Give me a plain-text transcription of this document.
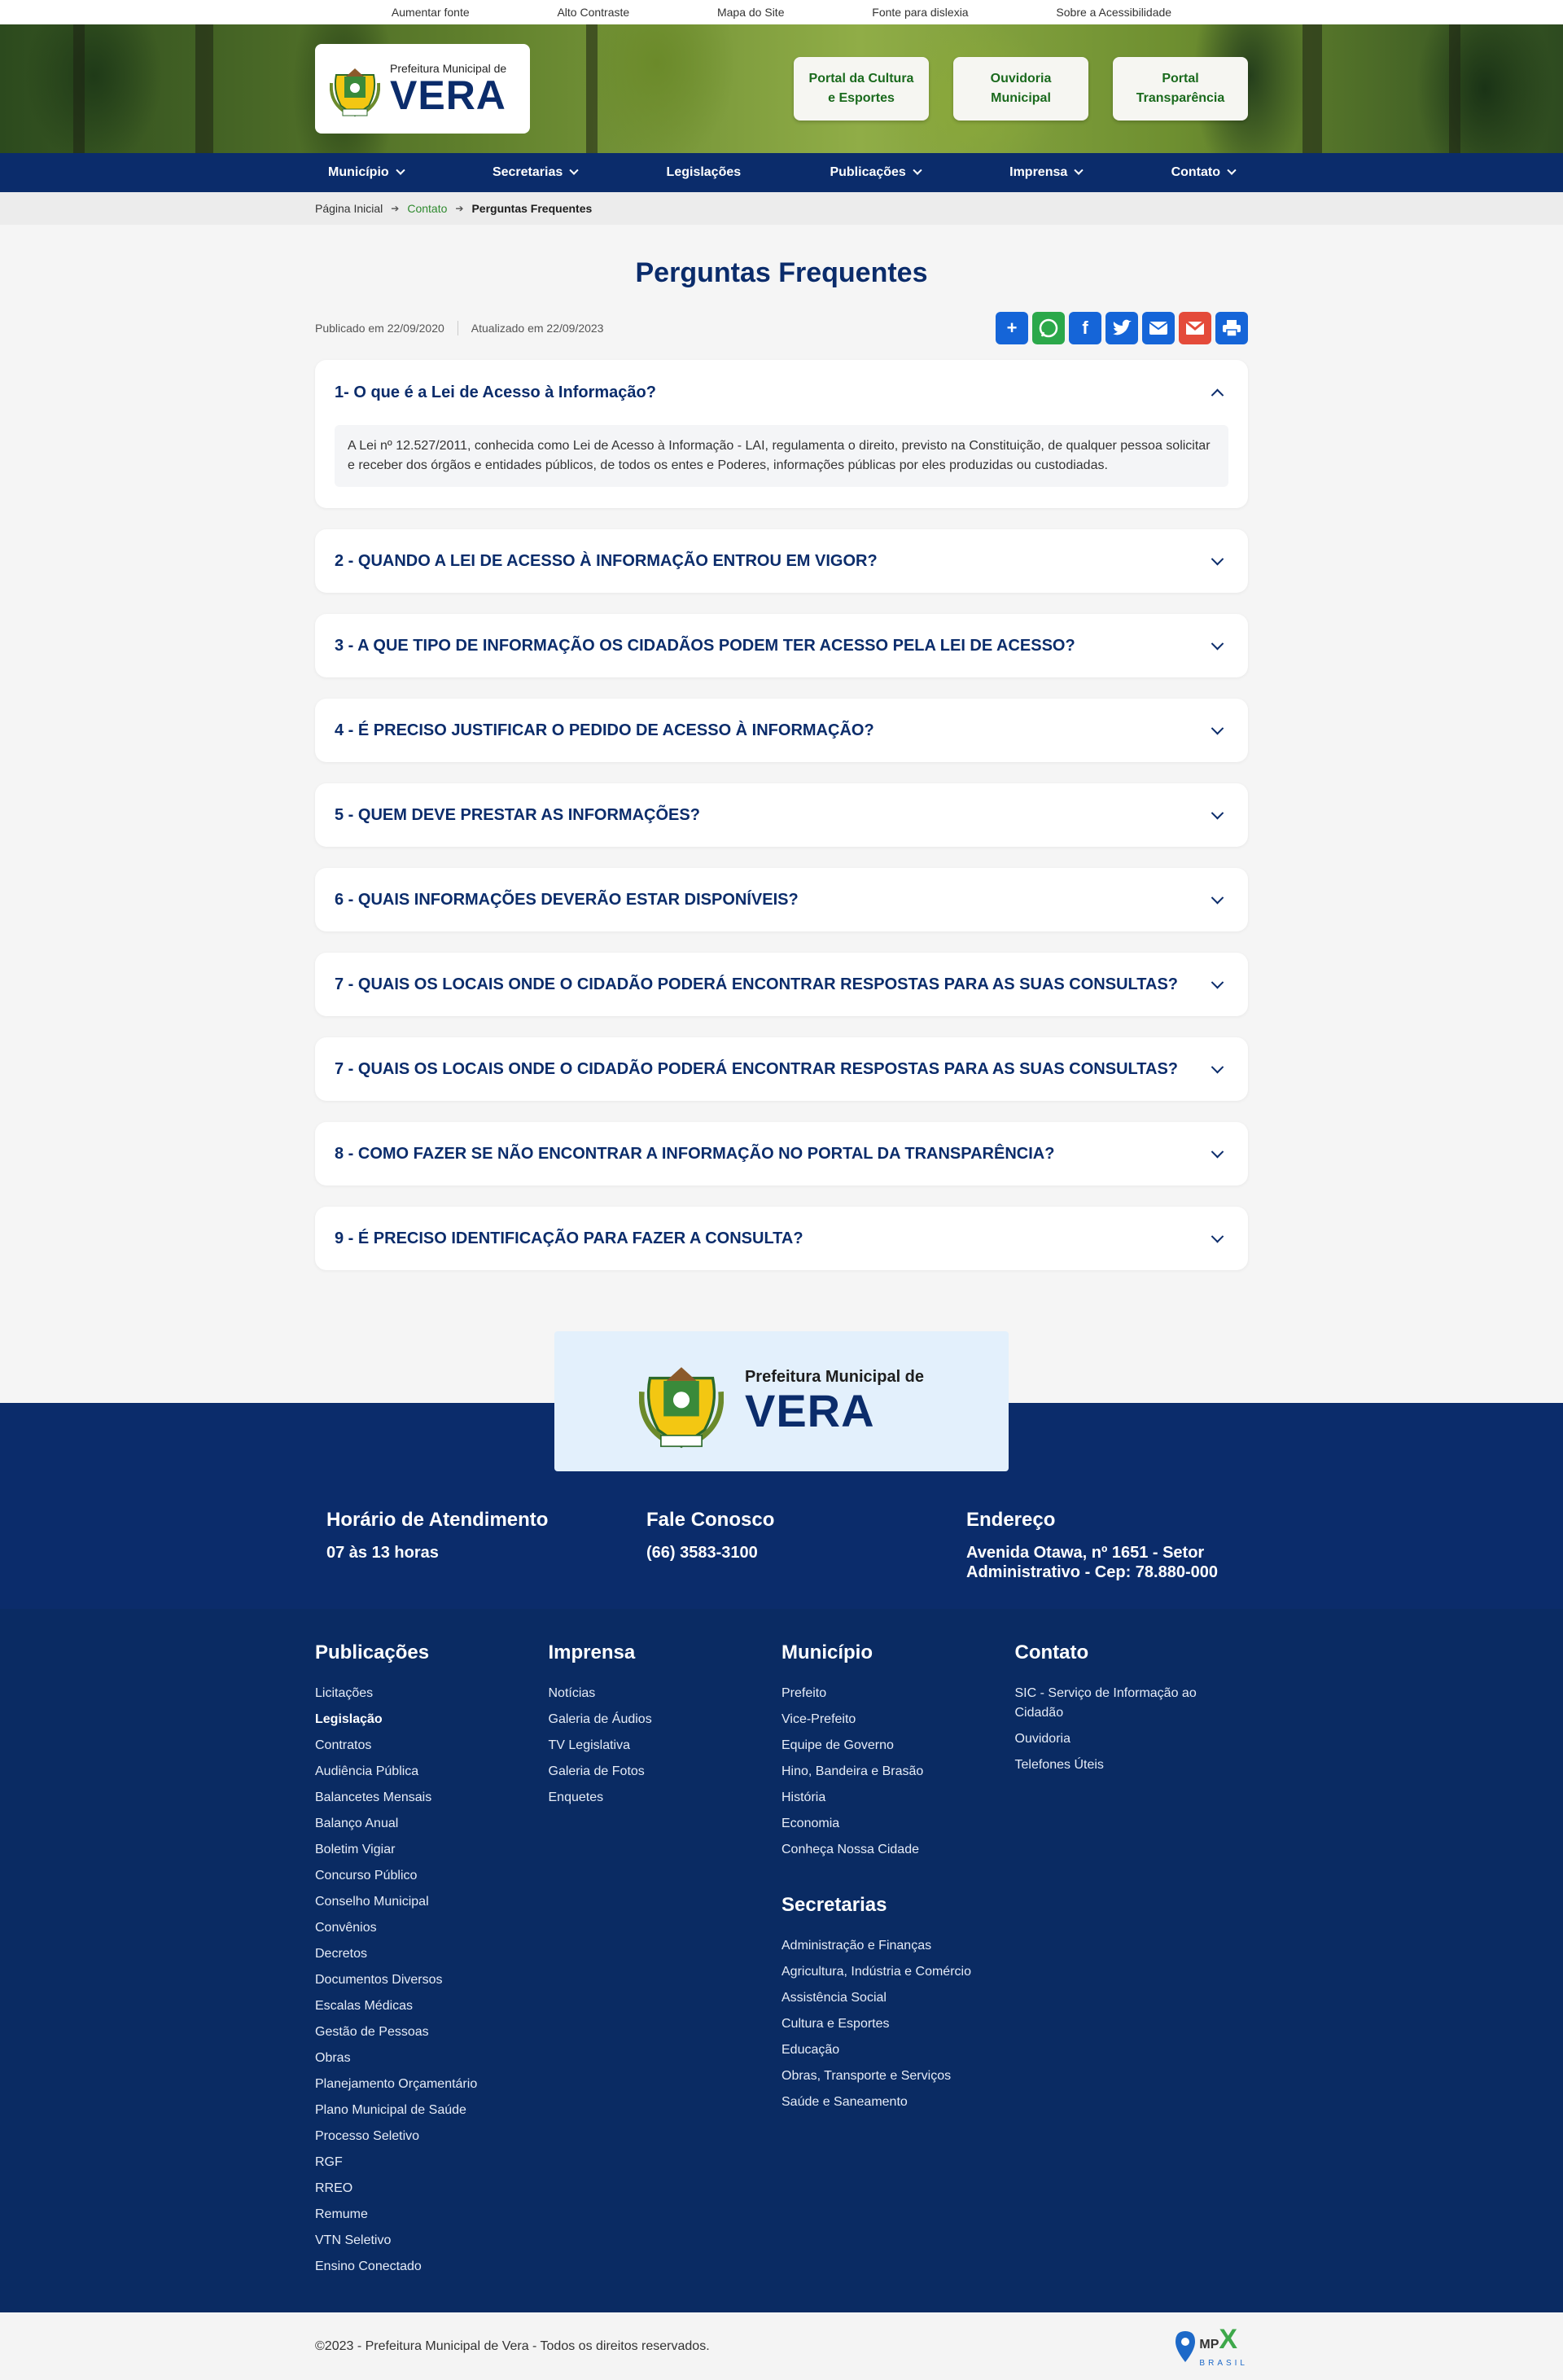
Aumentar fonte	Alto Contraste	Mapa do Site	Fonte para dislexia	Sobre a Acessibilidade
Prefeitura Municipal de
VERA	Portal da Cultura e Esportes
Ouvidoria Municipal
Portal Transparência
Município	Secretarias	Legislações	Publicações	Imprensa	Contato
Página Inicial ➔ Contato ➔ Perguntas Frequentes
Perguntas Frequentes
Publicado em 22/09/2020 Atualizado em 22/09/2023	+	f
1- O que é a Lei de Acesso à Informação?
A Lei nº 12.527/2011, conhecida como Lei de Acesso à Informação - LAI, regulamenta o direito, previsto na Constituição, de qualquer pessoa solicitar e receber dos órgãos e entidades públicos, de todos os entes e Poderes, informações públicas por eles produzidas ou custodiadas.
2 - QUANDO A LEI DE ACESSO À INFORMAÇÃO ENTROU EM VIGOR?
3 - A QUE TIPO DE INFORMAÇÃO OS CIDADÃOS PODEM TER ACESSO PELA LEI DE ACESSO?
4 - É PRECISO JUSTIFICAR O PEDIDO DE ACESSO À INFORMAÇÃO?
5 - QUEM DEVE PRESTAR AS INFORMAÇÕES?
6 - QUAIS INFORMAÇÕES DEVERÃO ESTAR DISPONÍVEIS?
7 - QUAIS OS LOCAIS ONDE O CIDADÃO PODERÁ ENCONTRAR RESPOSTAS PARA AS SUAS CONSULTAS?
7 - QUAIS OS LOCAIS ONDE O CIDADÃO PODERÁ ENCONTRAR RESPOSTAS PARA AS SUAS CONSULTAS?
8 - COMO FAZER SE NÃO ENCONTRAR A INFORMAÇÃO NO PORTAL DA TRANSPARÊNCIA?
9 - É PRECISO IDENTIFICAÇÃO PARA FAZER A CONSULTA?
Prefeitura Municipal de
VERA
Horário de Atendimento

07 às 13 horas

Fale Conosco

(66) 3583-3100

Endereço

Avenida Otawa, nº 1651 - Setor Administrativo - Cep: 78.880-000

Publicações
Licitações
Legislação
Contratos
Audiência Pública
Balancetes Mensais
Balanço Anual
Boletim Vigiar
Concurso Público
Conselho Municipal
Convênios
Decretos
Documentos Diversos
Escalas Médicas
Gestão de Pessoas
Obras
Planejamento Orçamentário
Plano Municipal de Saúde
Processo Seletivo
RGF
RREO
Remume
VTN Seletivo
Ensino Conectado
Imprensa
Notícias
Galeria de Áudios
TV Legislativa
Galeria de Fotos
Enquetes
Município
Prefeito
Vice-Prefeito
Equipe de Governo
Hino, Bandeira e Brasão
História
Economia
Conheça Nossa Cidade
Secretarias
Administração e Finanças
Agricultura, Indústria e Comércio
Assistência Social
Cultura e Esportes
Educação
Obras, Transporte e Serviços
Saúde e Saneamento
Contato
SIC - Serviço de Informação ao Cidadão
Ouvidoria
Telefones Úteis
©2023 - Prefeitura Municipal de Vera - Todos os direitos reservados.	MPX
BRASIL
